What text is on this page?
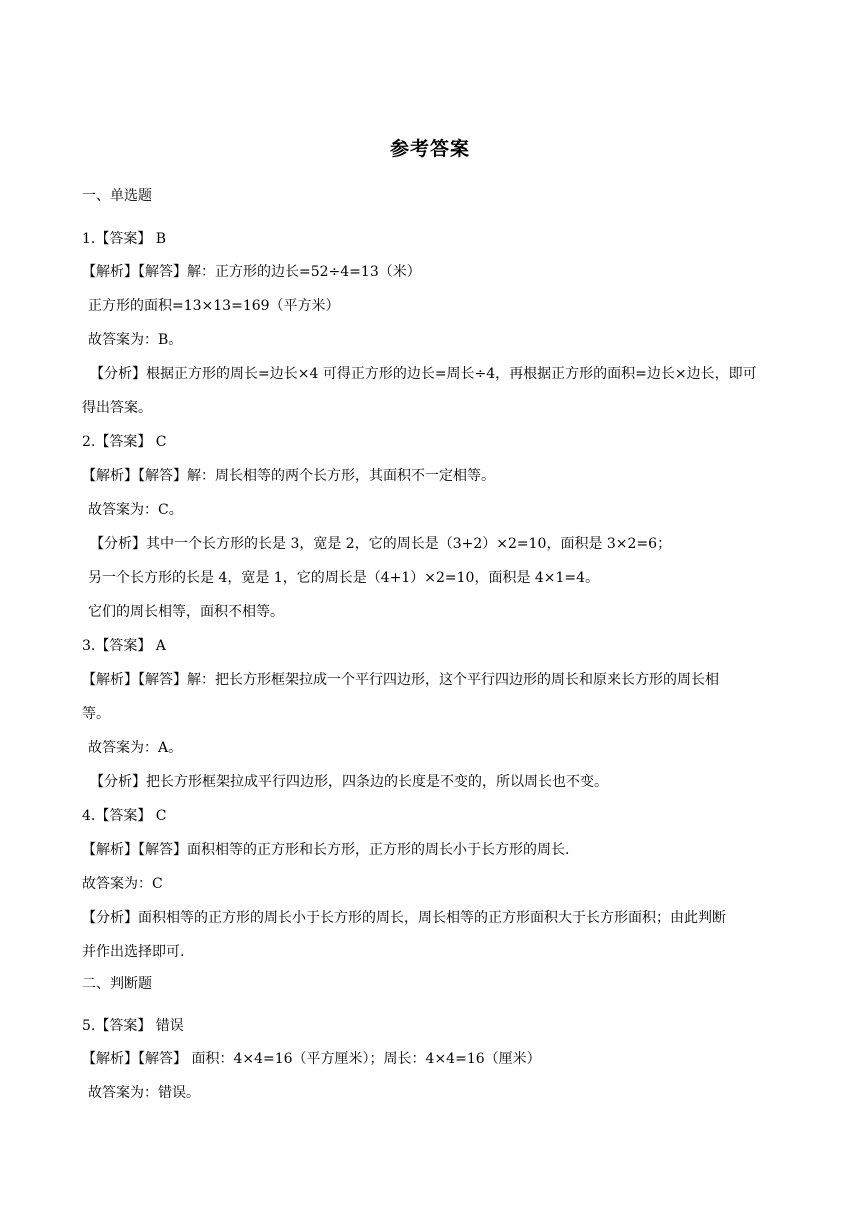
参考答案
一、单选题
1.【答案】 B
【解析】【解答】解：正方形的边长=52÷4=13（米）
正方形的面积=13×13=169（平方米）
故答案为：B。
【分析】根据正方形的周长=边长×4 可得正方形的边长=周长÷4，再根据正方形的面积=边长×边长，即可
得出答案。
2.【答案】 C
【解析】【解答】解：周长相等的两个长方形，其面积不一定相等。
故答案为：C。
【分析】其中一个长方形的长是 3，宽是 2，它的周长是（3+2）×2=10，面积是 3×2=6；
另一个长方形的长是 4，宽是 1，它的周长是（4+1）×2=10，面积是 4×1=4。
它们的周长相等，面积不相等。
3.【答案】 A
【解析】【解答】解：把长方形框架拉成一个平行四边形，这个平行四边形的周长和原来长方形的周长相
等。
故答案为：A。
【分析】把长方形框架拉成平行四边形，四条边的长度是不变的，所以周长也不变。
4.【答案】 C
【解析】【解答】面积相等的正方形和长方形，正方形的周长小于长方形的周长.
故答案为：C
【分析】面积相等的正方形的周长小于长方形的周长，周长相等的正方形面积大于长方形面积；由此判断
并作出选择即可.
二、判断题
5.【答案】 错误
【解析】【解答】 面积：4×4=16（平方厘米）；周长：4×4=16（厘米）
故答案为：错误。
